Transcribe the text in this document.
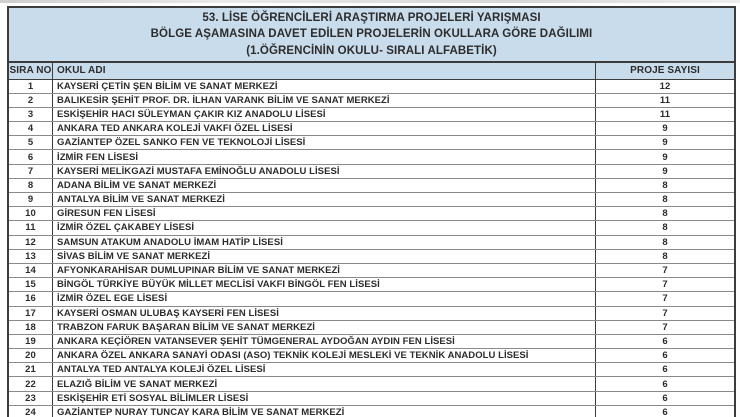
53. LİSE ÖĞRENCİLERİ ARAŞTIRMA PROJELERİ YARIŞMASI
BÖLGE AŞAMASINA DAVET EDİLEN PROJELERİN OKULLARA GÖRE DAĞILIMI
(1.ÖĞRENCİNİN OKULU- SIRALI ALFABETİK)
SIRA NO OKUL ADI	PROJE SAYISI
1	KAYSERİ ÇETİN ŞEN BİLİM VE SANAT MERKEZİ	12
2	BALIKESİR ŞEHİT PROF. DR. İLHAN VARANK BİLİM VE SANAT MERKEZİ	11
3	ESKİŞEHİR HACI SÜLEYMAN ÇAKIR KIZ ANADOLU LİSESİ	11
4	ANKARA TED ANKARA KOLEJİ VAKFI ÖZEL LİSESİ	9
5	GAZİANTEP ÖZEL SANKO FEN VE TEKNOLOJİ LİSESİ	9
6	İZMİR FEN LİSESİ	9
7	KAYSERİ MELİKGAZİ MUSTAFA EMİNOĞLU ANADOLU LİSESİ	9
8	ADANA BİLİM VE SANAT MERKEZİ	8
9	ANTALYA BİLİM VE SANAT MERKEZİ	8
10 GİRESUN FEN LİSESİ	8
11 İZMİR ÖZEL ÇAKABEY LİSESİ	8
12 SAMSUN ATAKUM ANADOLU İMAM HATİP LİSESİ	8
13 SİVAS BİLİM VE SANAT MERKEZİ	8
14 AFYONKARAHİSAR DUMLUPINAR BİLİM VE SANAT MERKEZİ	7
15 BİNGÖL TÜRKİYE BÜYÜK MİLLET MECLİSİ VAKFI BİNGÖL FEN LİSESİ	7
16 İZMİR ÖZEL EGE LİSESİ	7
17 KAYSERİ OSMAN ULUBAŞ KAYSERİ FEN LİSESİ	7
18 TRABZON FARUK BAŞARAN BİLİM VE SANAT MERKEZİ	7
19 ANKARA KEÇİÖREN VATANSEVER ŞEHİT TÜMGENERAL AYDOĞAN AYDIN FEN LİSESİ	6
20 ANKARA ÖZEL ANKARA SANAYİ ODASI (ASO) TEKNİK KOLEJİ MESLEKİ VE TEKNİK ANADOLU LİSESİ	6
21 ANTALYA TED ANTALYA KOLEJİ ÖZEL LİSESİ	6
22 ELAZIĞ BİLİM VE SANAT MERKEZİ	6
23 ESKİŞEHİR ETİ SOSYAL BİLİMLER LİSESİ	6
24 GAZİANTEP NURAY TUNCAY KARA BİLİM VE SANAT MERKEZİ	6
